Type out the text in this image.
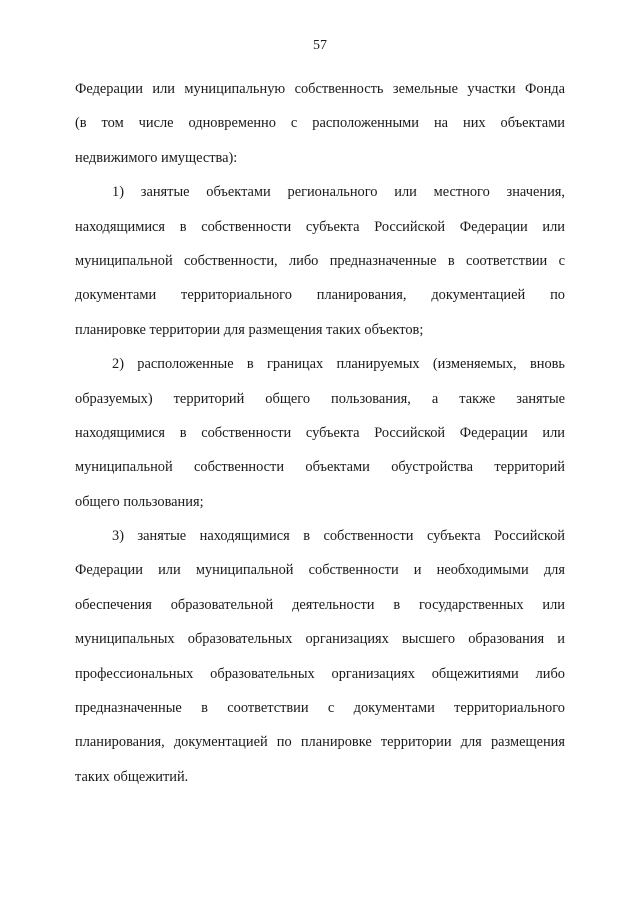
57
Федерации или муниципальную собственность земельные участки Фонда
(в том числе одновременно с расположенными на них объектами
недвижимого имущества):
1) занятые объектами регионального или местного значения,
находящимися в собственности субъекта Российской Федерации или
муниципальной собственности, либо предназначенные в соответствии с
документами территориального планирования, документацией по
планировке территории для размещения таких объектов;
2) расположенные в границах планируемых (изменяемых, вновь
образуемых) территорий общего пользования, а также занятые
находящимися в собственности субъекта Российской Федерации или
муниципальной собственности объектами обустройства территорий
общего пользования;
3) занятые находящимися в собственности субъекта Российской
Федерации или муниципальной собственности и необходимыми для
обеспечения образовательной деятельности в государственных или
муниципальных образовательных организациях высшего образования и
профессиональных образовательных организациях общежитиями либо
предназначенные в соответствии с документами территориального
планирования, документацией по планировке территории для размещения
таких общежитий.
